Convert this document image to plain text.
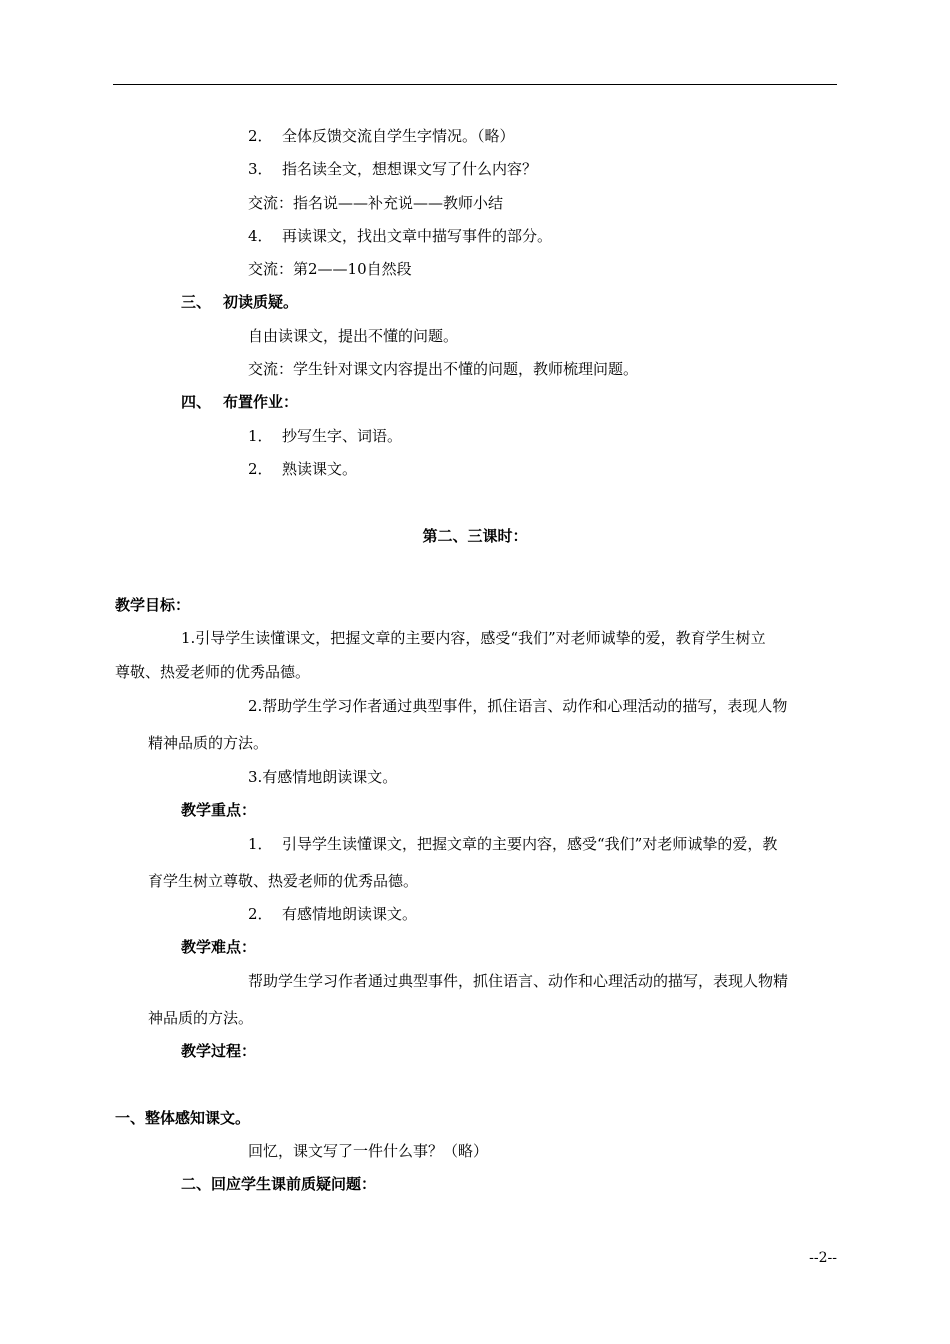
2． 全体反馈交流自学生字情况。（略）
3． 指名读全文，想想课文写了什么内容？
交流：指名说——补充说——教师小结
4． 再读课文，找出文章中描写事件的部分。
交流：第2——10自然段
三、 初读质疑。
自由读课文，提出不懂的问题。
交流：学生针对课文内容提出不懂的问题，教师梳理问题。
四、 布置作业：
1． 抄写生字、词语。
2． 熟读课文。
第二、三课时：
教学目标：
1.引导学生读懂课文，把握文章的主要内容，感受“我们”对老师诚挚的爱，教育学生树立
尊敬、热爱老师的优秀品德。
2.帮助学生学习作者通过典型事件，抓住语言、动作和心理活动的描写，表现人物
精神品质的方法。
3.有感情地朗读课文。
教学重点：
1． 引导学生读懂课文，把握文章的主要内容，感受“我们”对老师诚挚的爱，教
育学生树立尊敬、热爱老师的优秀品德。
2． 有感情地朗读课文。
教学难点：
帮助学生学习作者通过典型事件，抓住语言、动作和心理活动的描写，表现人物精
神品质的方法。
教学过程：
一、整体感知课文。
回忆，课文写了一件什么事？（略）
二、回应学生课前质疑问题：
--2--
